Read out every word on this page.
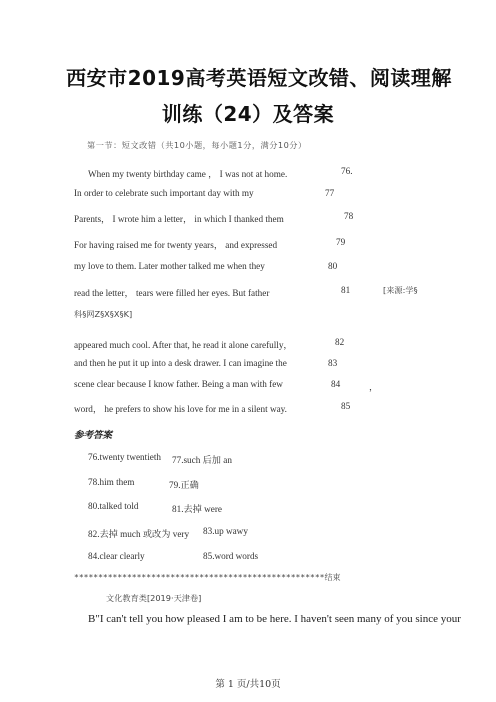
西安市2019高考英语短文改错、阅读理解
训练（24）及答案
第一节：短文改错（共10小题，每小题1分，满分10分）
When my twenty birthday came ， I was not at home.	76.
In order to celebrate such important day with my	77
Parents， I wrote him a letter， in which I thanked them	78
For having raised me for twenty years， and expressed	79
my love to them. Later mother talked me when they	80
read the letter， tears were filled her eyes. But father	81	[来源:学§
科§网Z§X§X§K]
appeared much cool. After that, he read it alone carefully，	82
and then he put it up into a desk drawer. I can imagine the	83
scene clear because I know father. Being a man with few	84	，
word， he prefers to show his love for me in a silent way.	85
参考答案
76.twenty twentieth 77.such 后加 an
78.him them	79.正确
80.talked told	81.去掉 were
82.去掉 much 或改为 very 83.up wawy
84.clear clearly	85.word words
****************************************************结束
文化教育类[2019·天津卷]
B"I can't tell you how pleased I am to be here. I haven't seen many of you since your
第 1 页/共10页
